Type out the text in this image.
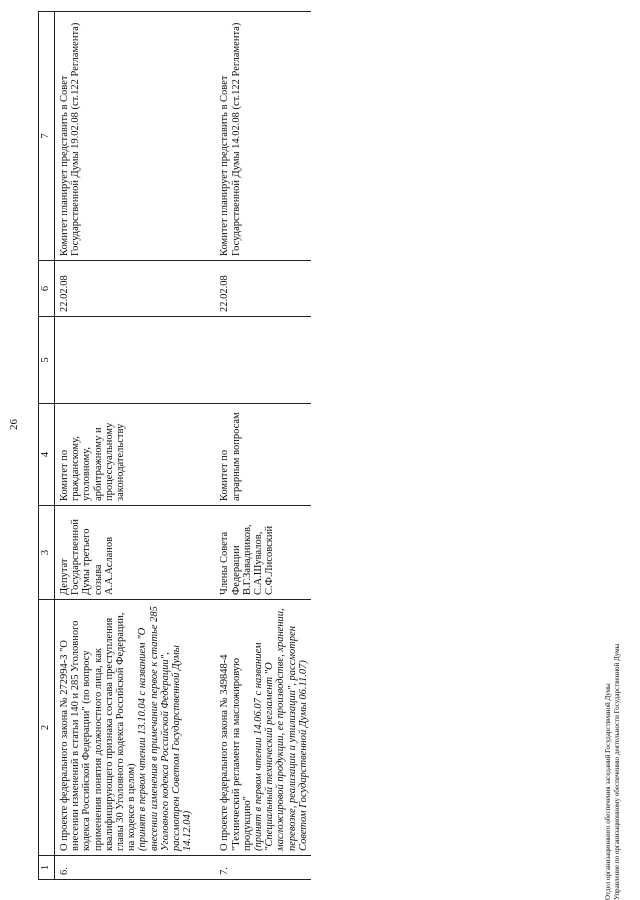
26
1	2	3	4	5	6	7
6.	О проекте федерального закона № 272994-3 "О внесении изменений в статьи 140 и 285 Уголовного кодекса Российской Федерации" (по вопросу применения понятия должностного лица, как квалифицирующего признака состава преступления главы 30 Уголовного кодекса Российской Федерации, на кодексе в целом) (принят в первом чтении 13.10.04 с названием "О внесении изменения в примечание первое к статье 285 Уголовного кодекса Российской Федерации", рассмотрен Советом Государственной Думы 14.12.04)	Депутат Государственной Думы третьего созыва А.А.Асланов	Комитет по гражданскому, уголовному, арбитражному и процессуальному законодательству		22.02.08	Комитет планирует представить в Совет Государственной Думы 19.02.08 (ст.122 Регламента)
7.	О проекте федерального закона № 349848-4 "Технический регламент на масложировую продукцию" (принят в первом чтении 14.06.07 с названием "Специальный технический регламент "О масложировой продукции, ее производстве, хранении, перевозке, реализации и утилизации", рассмотрен Советом Государственной Думы 06.11.07)	Члены Совета Федерации В.Г.Завадников, С.А.Шувалов, С.Ф.Лисовский	Комитет по аграрным вопросам		22.02.08	Комитет планирует представить в Совет Государственной Думы 14.02.08 (ст.122 Регламента)
Отдел организационного обеспечения заседаний Государственной Думы Управление по организационному обеспечению деятельности Государственной Думы
